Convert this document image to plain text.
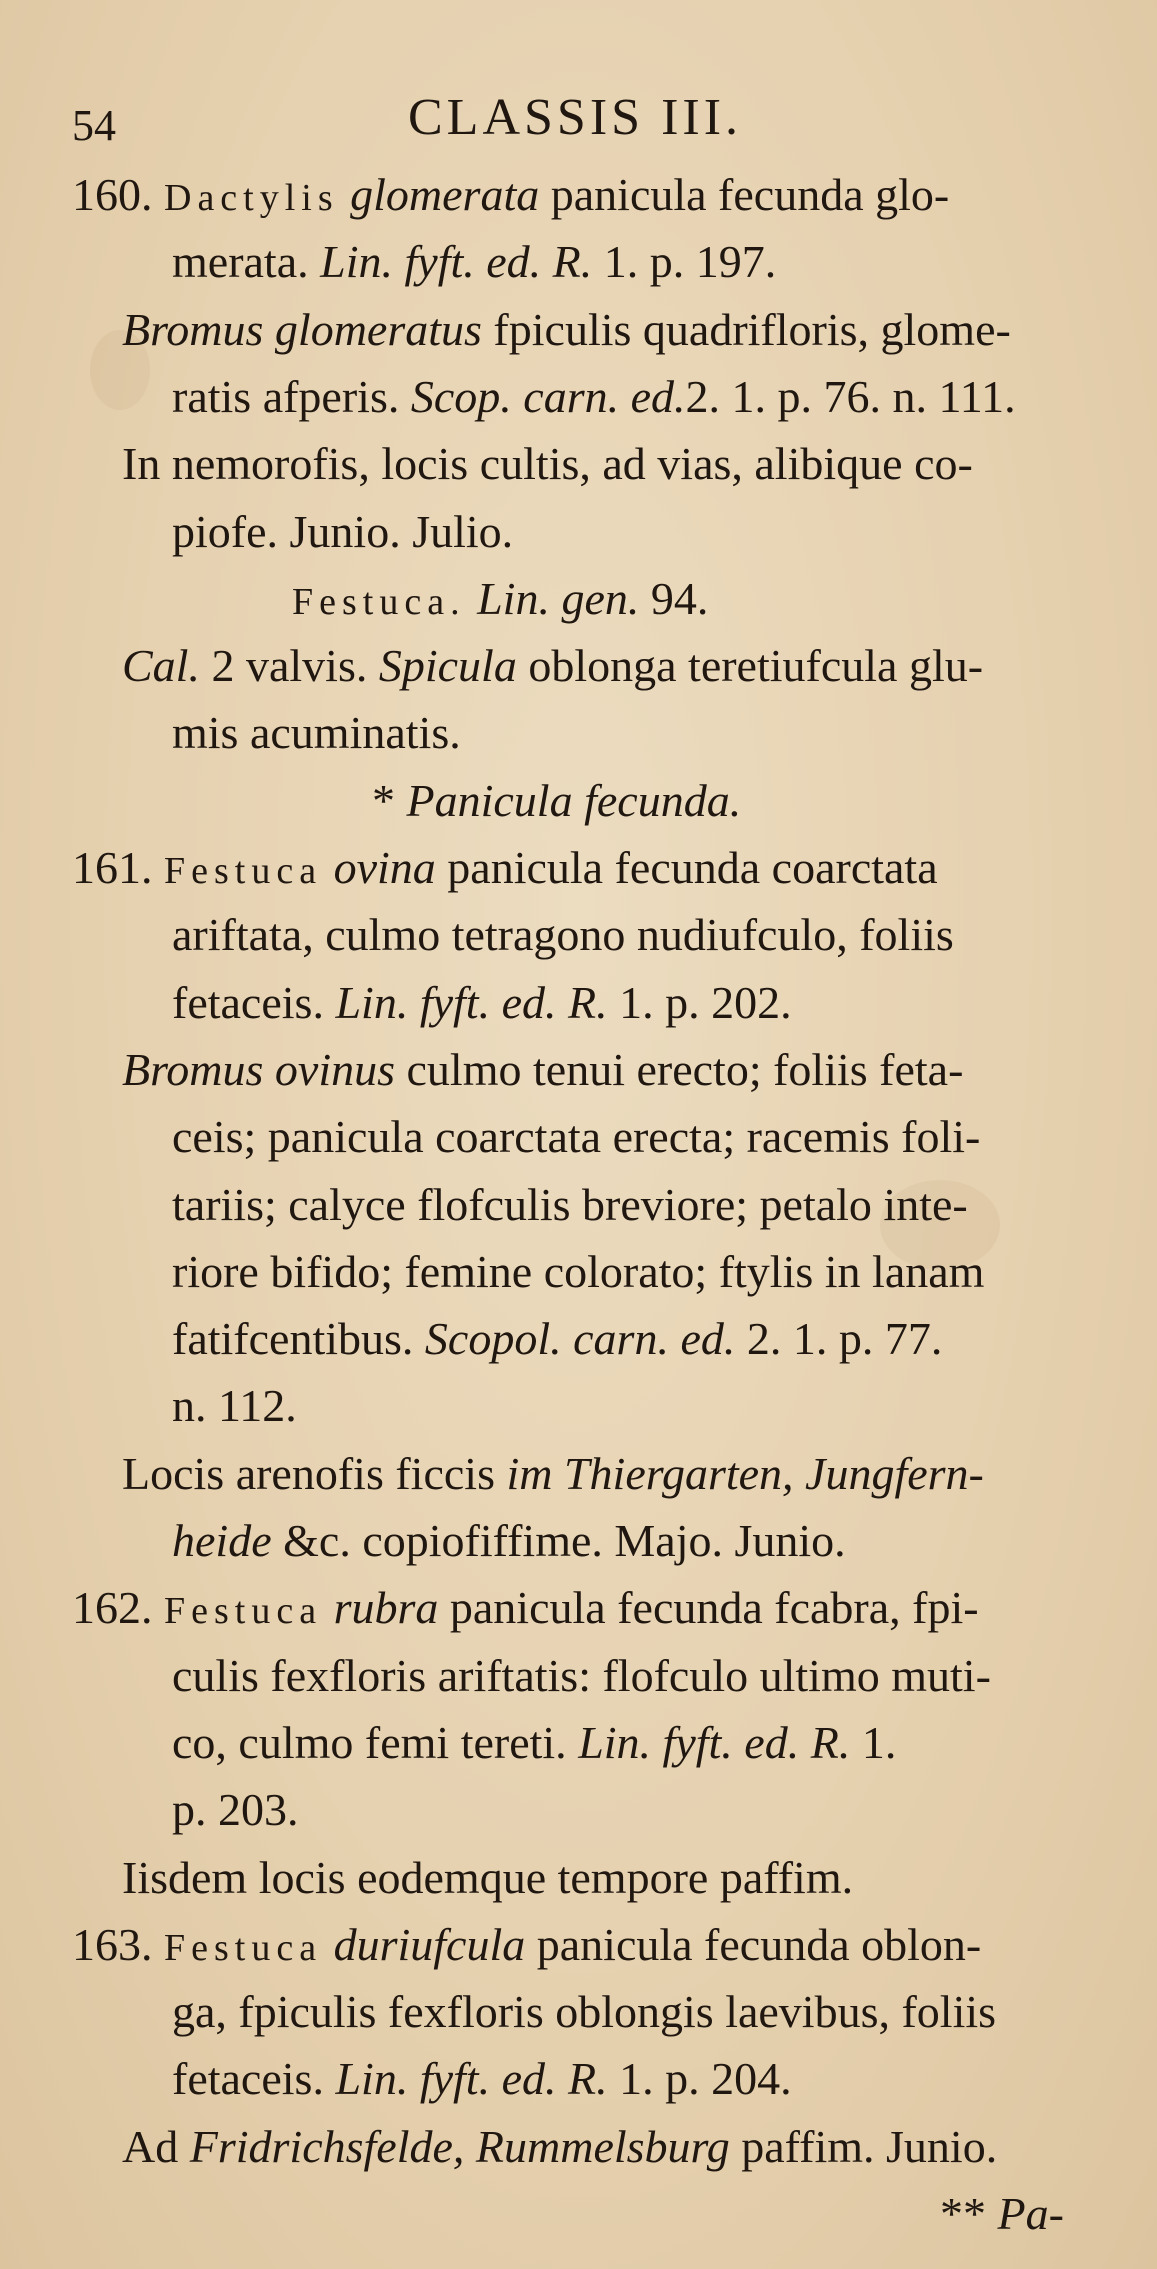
54	CLASSIS III.
160. Dactylis glomerata panicula fecunda glo-
merata. Lin. fyft. ed. R. 1. p. 197.
Bromus glomeratus fpiculis quadrifloris, glome-
ratis afperis. Scop. carn. ed.2. 1. p. 76. n. 111.
In nemorofis, locis cultis, ad vias, alibique co-
piofe. Junio. Julio.
Festuca. Lin. gen. 94.
Cal. 2 valvis. Spicula oblonga teretiufcula glu-
mis acuminatis.
* Panicula fecunda.
161. Festuca ovina panicula fecunda coarctata
ariftata, culmo tetragono nudiufculo, foliis
fetaceis. Lin. fyft. ed. R. 1. p. 202.
Bromus ovinus culmo tenui erecto; foliis feta-
ceis; panicula coarctata erecta; racemis foli-
tariis; calyce flofculis breviore; petalo inte-
riore bifido; femine colorato; ftylis in lanam
fatifcentibus. Scopol. carn. ed. 2. 1. p. 77.
n. 112.
Locis arenofis ficcis im Thiergarten, Jungfern-
heide &c. copiofiffime. Majo. Junio.
162. Festuca rubra panicula fecunda fcabra, fpi-
culis fexfloris ariftatis: flofculo ultimo muti-
co, culmo femi tereti. Lin. fyft. ed. R. 1.
p. 203.
Iisdem locis eodemque tempore paffim.
163. Festuca duriufcula panicula fecunda oblon-
ga, fpiculis fexfloris oblongis laevibus, foliis
fetaceis. Lin. fyft. ed. R. 1. p. 204.
Ad Fridrichsfelde, Rummelsburg paffim. Junio.
** Pa-
